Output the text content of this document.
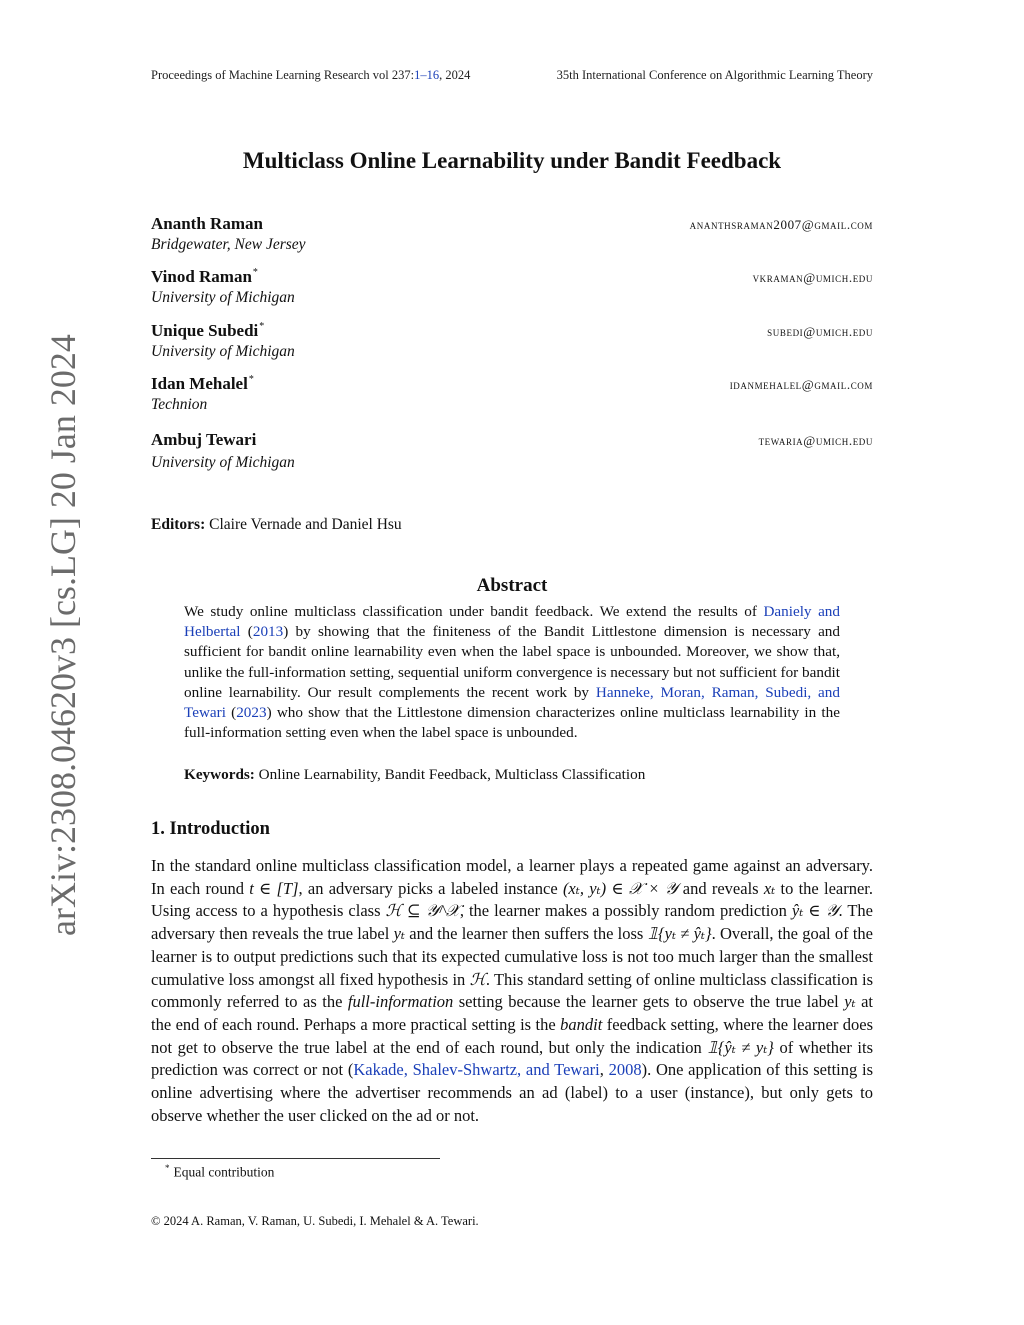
Proceedings of Machine Learning Research vol 237:1–16, 2024	35th International Conference on Algorithmic Learning Theory
arXiv:2308.04620v3 [cs.LG] 20 Jan 2024
Multiclass Online Learnability under Bandit Feedback
Ananth Raman	ananthsraman2007@gmail.com
Bridgewater, New Jersey
Vinod Raman*	vkraman@umich.edu
University of Michigan
Unique Subedi*	subedi@umich.edu
University of Michigan
Idan Mehalel*	idanmehalel@gmail.com
Technion
Ambuj Tewari	tewaria@umich.edu
University of Michigan
Editors: Claire Vernade and Daniel Hsu
Abstract
We study online multiclass classification under bandit feedback. We extend the results of Daniely and Helbertal (2013) by showing that the finiteness of the Bandit Littlestone dimension is necessary and sufficient for bandit online learnability even when the label space is unbounded. Moreover, we show that, unlike the full-information setting, sequential uniform convergence is necessary but not sufficient for bandit online learnability. Our result complements the recent work by Hanneke, Moran, Raman, Subedi, and Tewari (2023) who show that the Littlestone dimension characterizes online multiclass learnability in the full-information setting even when the label space is unbounded.
Keywords: Online Learnability, Bandit Feedback, Multiclass Classification
1. Introduction
In the standard online multiclass classification model, a learner plays a repeated game against an adversary. In each round t ∈ [T], an adversary picks a labeled instance (xₜ, yₜ) ∈ 𝒳 × 𝒴 and reveals xₜ to the learner. Using access to a hypothesis class ℋ ⊆ 𝒴^𝒳, the learner makes a possibly random prediction ŷₜ ∈ 𝒴. The adversary then reveals the true label yₜ and the learner then suffers the loss 𝟙{yₜ ≠ ŷₜ}. Overall, the goal of the learner is to output predictions such that its expected cumulative loss is not too much larger than the smallest cumulative loss amongst all fixed hypothesis in ℋ. This standard setting of online multiclass classification is commonly referred to as the full-information setting because the learner gets to observe the true label yₜ at the end of each round. Perhaps a more practical setting is the bandit feedback setting, where the learner does not get to observe the true label at the end of each round, but only the indication 𝟙{ŷₜ ≠ yₜ} of whether its prediction was correct or not (Kakade, Shalev-Shwartz, and Tewari, 2008). One application of this setting is online advertising where the advertiser recommends an ad (label) to a user (instance), but only gets to observe whether the user clicked on the ad or not.
* Equal contribution
© 2024 A. Raman, V. Raman, U. Subedi, I. Mehalel & A. Tewari.
